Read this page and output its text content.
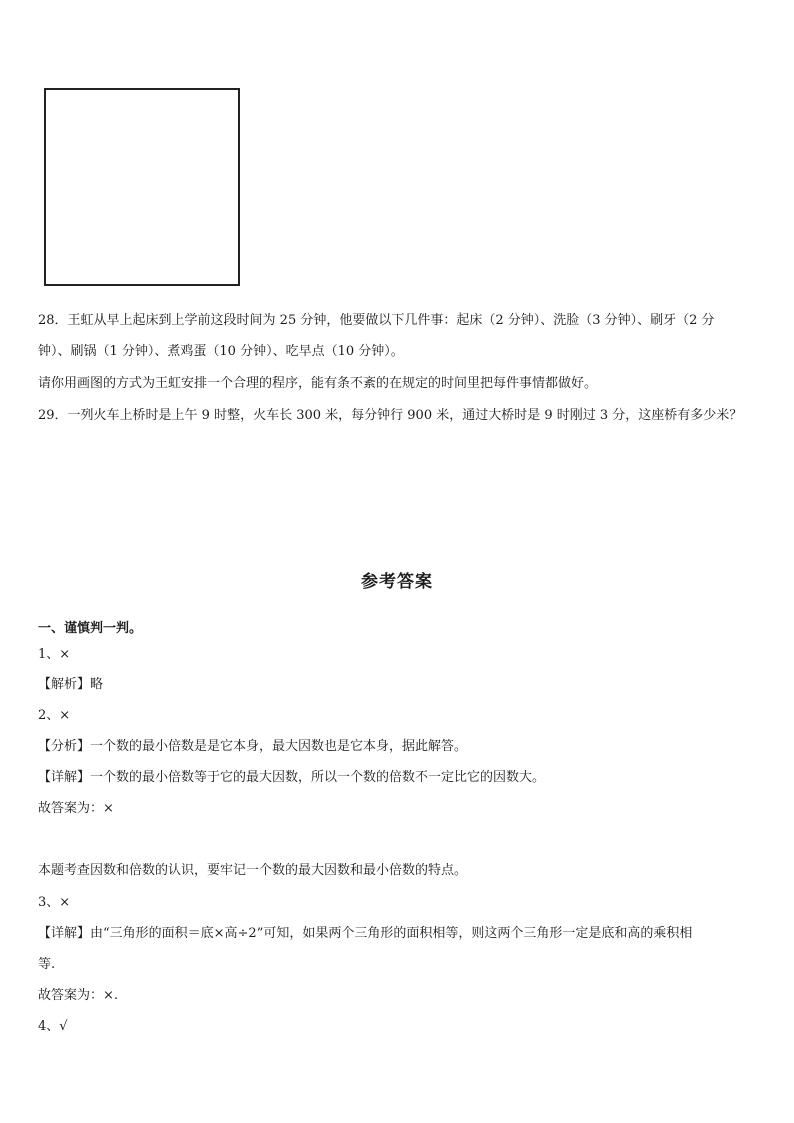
28．王虹从早上起床到上学前这段时间为 25 分钟，他要做以下几件事：起床（2 分钟）、洗脸（3 分钟）、刷牙（2 分
钟）、刷锅（1 分钟）、煮鸡蛋（10 分钟）、吃早点（10 分钟）。
请你用画图的方式为王虹安排一个合理的程序，能有条不紊的在规定的时间里把每件事情都做好。
29．一列火车上桥时是上午 9 时整，火车长 300 米，每分钟行 900 米，通过大桥时是 9 时刚过 3 分，这座桥有多少米？
参考答案
一、谨慎判一判。
1、×
【解析】略
2、×
【分析】一个数的最小倍数是是它本身，最大因数也是它本身，据此解答。
【详解】一个数的最小倍数等于它的最大因数，所以一个数的倍数不一定比它的因数大。
故答案为：×
本题考查因数和倍数的认识，要牢记一个数的最大因数和最小倍数的特点。
3、×
【详解】由“三角形的面积＝底×高÷2”可知，如果两个三角形的面积相等，则这两个三角形一定是底和高的乘积相
等.
故答案为：×.
4、√
